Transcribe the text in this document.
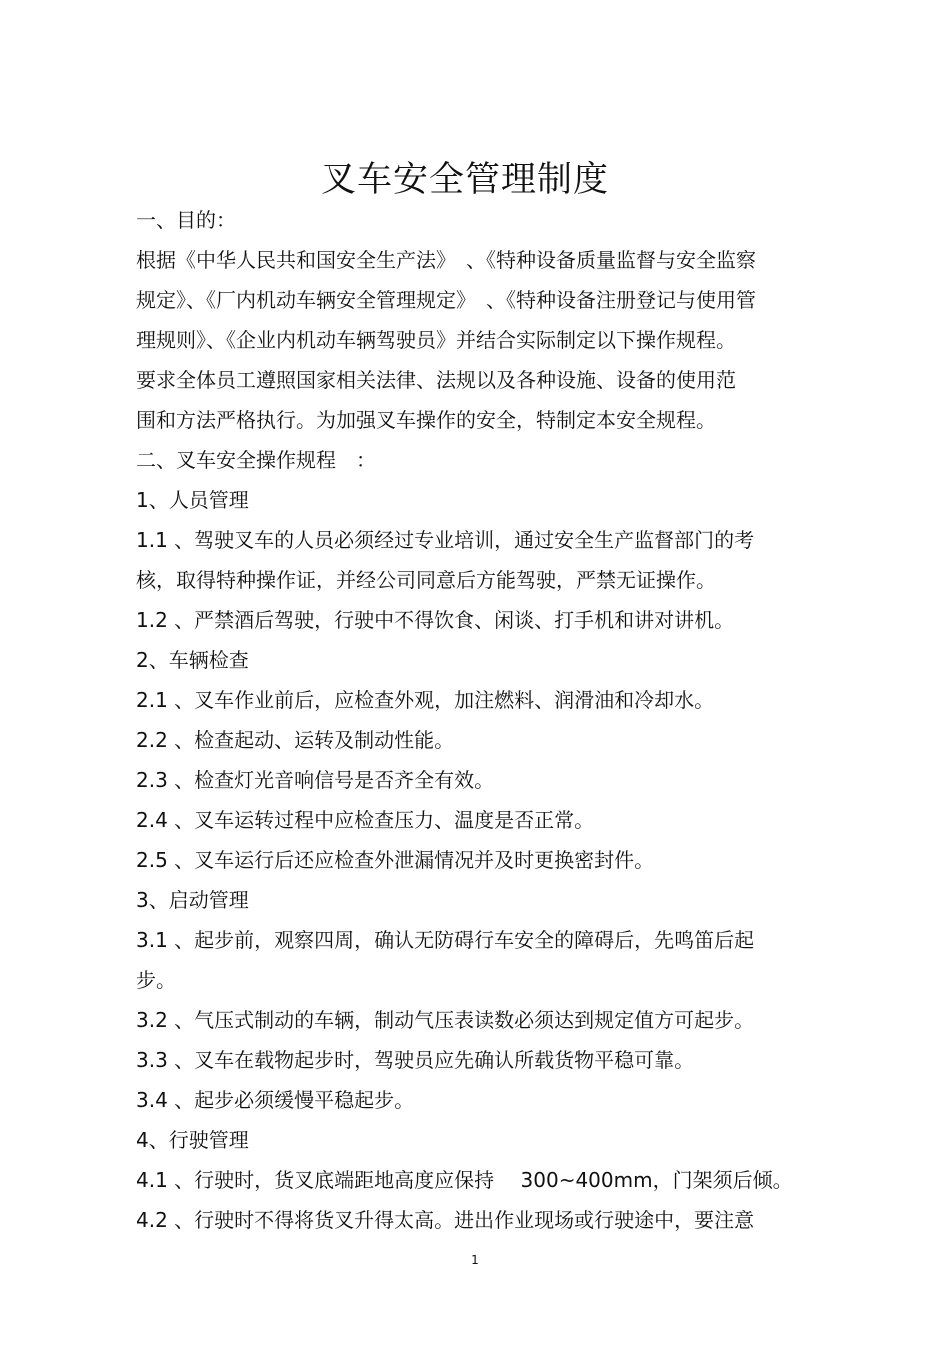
叉车安全管理制度
一、目的：
根据《中华人民共和国安全生产法》　、《特种设备质量监督与安全监察
规定》、《厂内机动车辆安全管理规定》　、《特种设备注册登记与使用管
理规则》、《企业内机动车辆驾驶员》并结合实际制定以下操作规程。
要求全体员工遵照国家相关法律、法规以及各种设施、设备的使用范
围和方法严格执行。为加强叉车操作的安全，特制定本安全规程。
二、叉车安全操作规程　：
1、人员管理
1.1 、驾驶叉车的人员必须经过专业培训，通过安全生产监督部门的考
核，取得特种操作证，并经公司同意后方能驾驶，严禁无证操作。
1.2 、严禁酒后驾驶，行驶中不得饮食、闲谈、打手机和讲对讲机。
2、车辆检查
2.1 、叉车作业前后，应检查外观，加注燃料、润滑油和冷却水。
2.2 、检查起动、运转及制动性能。
2.3 、检查灯光音响信号是否齐全有效。
2.4 、叉车运转过程中应检查压力、温度是否正常。
2.5 、叉车运行后还应检查外泄漏情况并及时更换密封件。
3、启动管理
3.1 、起步前，观察四周，确认无防碍行车安全的障碍后，先鸣笛后起
步。
3.2 、气压式制动的车辆，制动气压表读数必须达到规定值方可起步。
3.3 、叉车在载物起步时，驾驶员应先确认所载货物平稳可靠。
3.4 、起步必须缓慢平稳起步。
4、行驶管理
4.1 、行驶时，货叉底端距地高度应保持　 300~400mm，门架须后倾。
4.2 、行驶时不得将货叉升得太高。进出作业现场或行驶途中，要注意
1
